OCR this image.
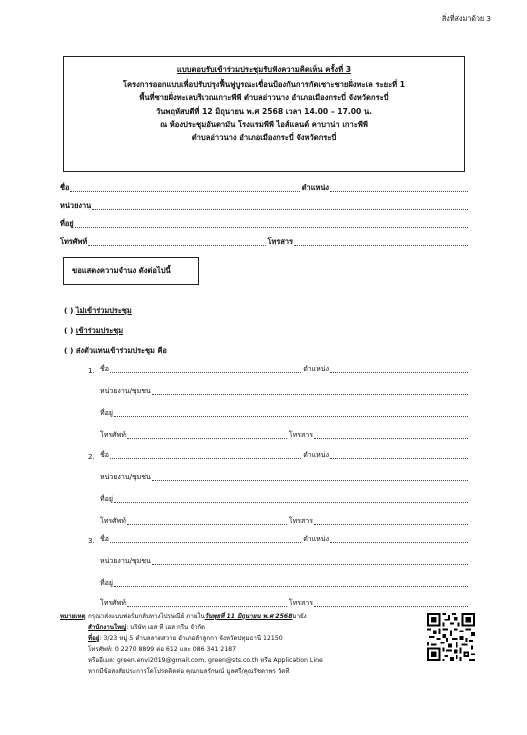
สิ่งที่ส่งมาด้วย 3
แบบตอบรับเข้าร่วมประชุมรับฟังความคิดเห็น ครั้งที่ 3
โครงการออกแบบเพื่อปรับปรุงฟื้นฟูบูรณะเขื่อนป้องกันการกัดเซาะชายฝั่งทะเล ระยะที่ 1
พื้นที่ชายฝั่งทะเลบริเวณเกาะพีพี ตำบลอ่าวนาง อำเภอเมืองกระบี่ จังหวัดกระบี่
วันพฤหัสบดีที่ 12 มิถุนายน พ.ศ 2568 เวลา 14.00 – 17.00 น.
ณ ห้องประชุมอันดามัน โรงแรมพีพี ไอส์แลนด์ คาบาน่า เกาะพีพี
ตำบลอ่าวนาง อำเภอเมืองกระบี่ จังหวัดกระบี่
ชื่อ	ตำแหน่ง
หน่วยงาน
ที่อยู่
โทรศัพท์	โทรสาร
ขอแสดงความจำนง ดังต่อไปนี้
( ) ไม่เข้าร่วมประชุม
( ) เข้าร่วมประชุม
( ) ส่งตัวแทนเข้าร่วมประชุม คือ
1. ชื่อ	ตำแหน่ง
หน่วยงาน/ชุมชน
ที่อยู่
โทรศัพท์	โทรสาร
2. ชื่อ	ตำแหน่ง
หน่วยงาน/ชุมชน
ที่อยู่
โทรศัพท์	โทรสาร
3. ชื่อ	ตำแหน่ง
หน่วยงาน/ชุมชน
ที่อยู่
โทรศัพท์	โทรสาร
หมายเหตุ กรุณาส่งแบบฟอร์มกลับทางไปรษณีย์ ภายใน วันพุธที่ 11 มิถุนายน พ.ศ 2568 มายัง
สำนักงานใหญ่ : บริษัท เอส ที เอส กรีน จำกัด
ที่อยู่ : 3/23 หมู่ 5 ตำบลลาดสวาย อำเภอลำลูกกา จังหวัดปทุมธานี 12150
โทรศัพท์: 0 2270 8899 ต่อ 612 และ 086 341 2187
หรืออีเมล: green.envi2019@gmail.com, green@sts.co.th หรือ Application Line
หากมีข้อสงสัยประการใดโปรดติดต่อ คุณกมลรักษณ์ มูลศรี/คุณรัชดาพร วัดที
